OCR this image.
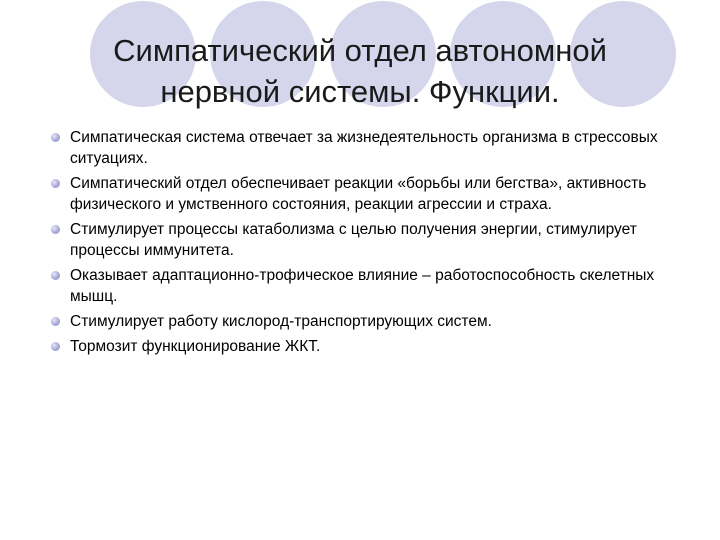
Симпатический отдел автономной
нервной системы. Функции.
Симпатическая система отвечает за жизнедеятельность организма в стрессовых ситуациях.
Симпатический отдел обеспечивает реакции «борьбы или бегства», активность физического и умственного состояния, реакции агрессии и страха.
Стимулирует процессы катаболизма с целью получения энергии, стимулирует процессы иммунитета.
Оказывает адаптационно-трофическое влияние – работоспособность скелетных мышц.
Стимулирует работу кислород-транспортирующих систем.
Тормозит функционирование ЖКТ.
